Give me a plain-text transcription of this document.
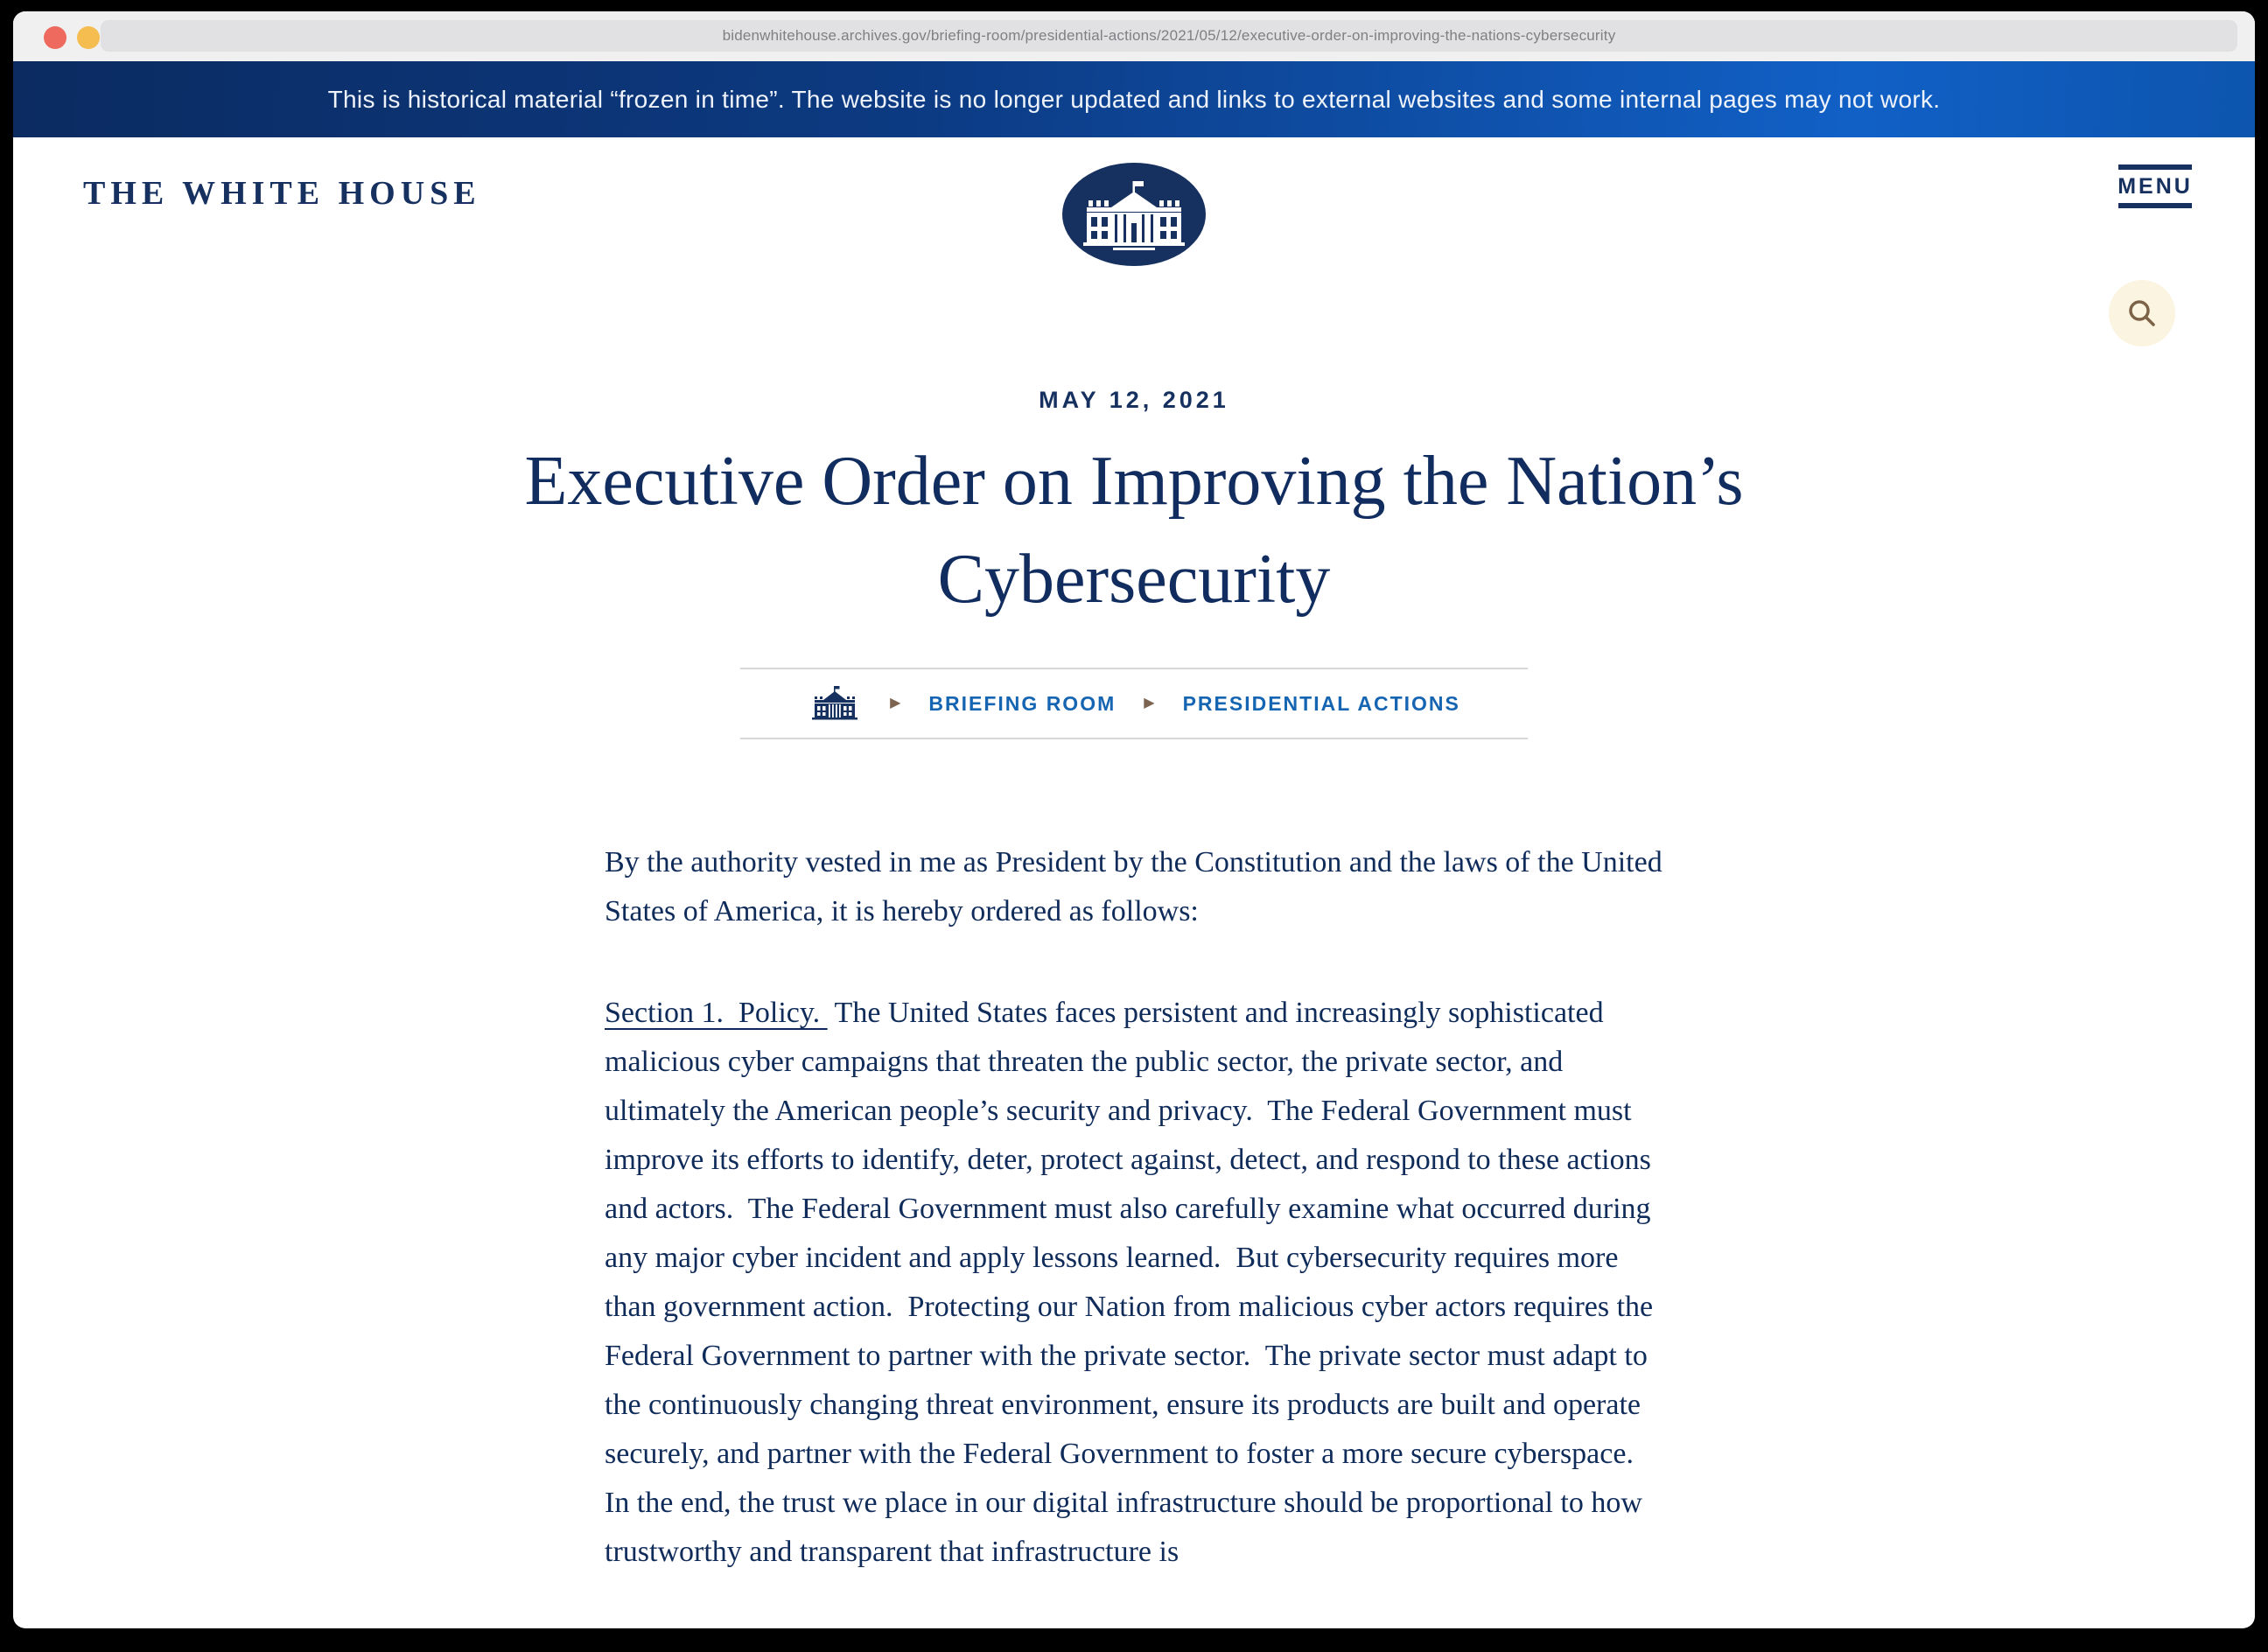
bidenwhitehouse.archives.gov/briefing-room/presidential-actions/2021/05/12/executive-order-on-improving-the-nations-cybersecurity
This is historical material “frozen in time”. The website is no longer updated and links to external websites and some internal pages may not work.
THE WHITE HOUSE	MENU
MAY 12, 2021
Executive Order on Improving the Nation’s Cybersecurity
▶ BRIEFING ROOM ▶ PRESIDENTIAL ACTIONS

By the authority vested in me as President by the Constitution and the laws of the United States of America, it is hereby ordered as follows:

Section 1.  Policy.  The United States faces persistent and increasingly sophisticated malicious cyber campaigns that threaten the public sector, the private sector, and ultimately the American people’s security and privacy.  The Federal Government must improve its efforts to identify, deter, protect against, detect, and respond to these actions and actors.  The Federal Government must also carefully examine what occurred during any major cyber incident and apply lessons learned.  But cybersecurity requires more than government action.  Protecting our Nation from malicious cyber actors requires the Federal Government to partner with the private sector.  The private sector must adapt to the continuously changing threat environment, ensure its products are built and operate securely, and partner with the Federal Government to foster a more secure cyberspace.  In the end, the trust we place in our digital infrastructure should be proportional to how trustworthy and transparent that infrastructure is
